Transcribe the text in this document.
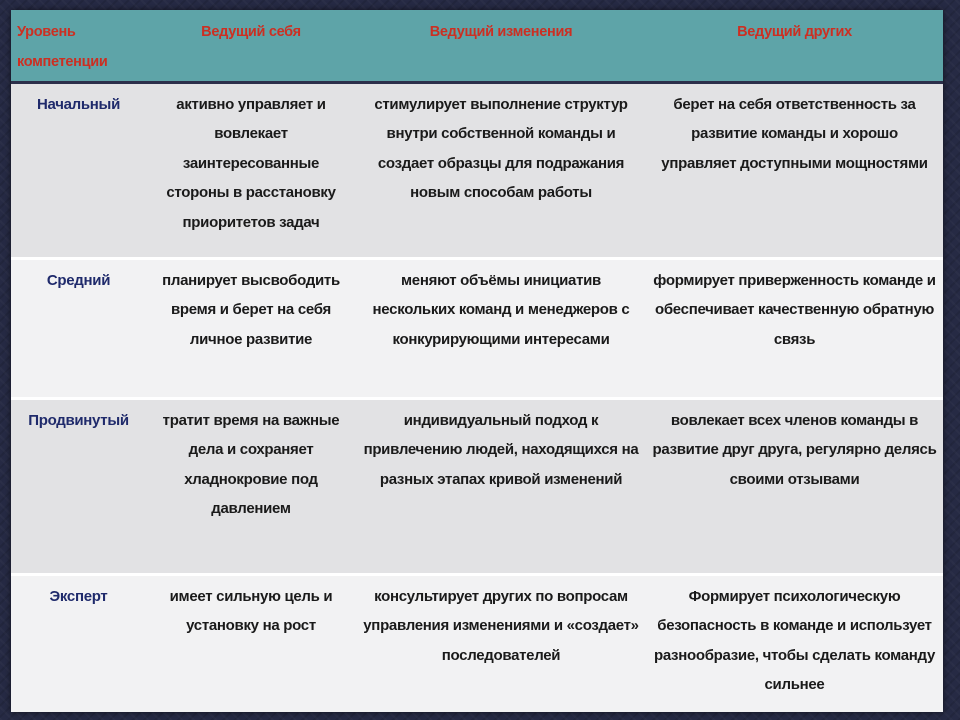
Уровень компетенции	Ведущий себя	Ведущий изменения	Ведущий других
Начальный	активно управляет и вовлекает заинтересованные стороны в расстановку приоритетов задач	стимулирует выполнение структур внутри собственной команды и создает образцы для подражания новым способам работы	берет на себя ответственность за развитие команды и хорошо управляет доступными мощностями
Средний	планирует высвободить время и берет на себя личное развитие	меняют объёмы инициатив нескольких команд и менеджеров с конкурирующими интересами	формирует приверженность команде и обеспечивает качественную обратную связь
Продвинутый	тратит время на важные дела и сохраняет хладнокровие под давлением	индивидуальный подход к привлечению людей, находящихся на разных этапах кривой изменений	вовлекает всех членов команды в развитие друг друга, регулярно делясь своими отзывами
Эксперт	имеет сильную цель и установку на рост	консультирует других по вопросам управления изменениями и «создает» последователей	Формирует психологическую безопасность в команде и использует разнообразие, чтобы сделать команду сильнее
